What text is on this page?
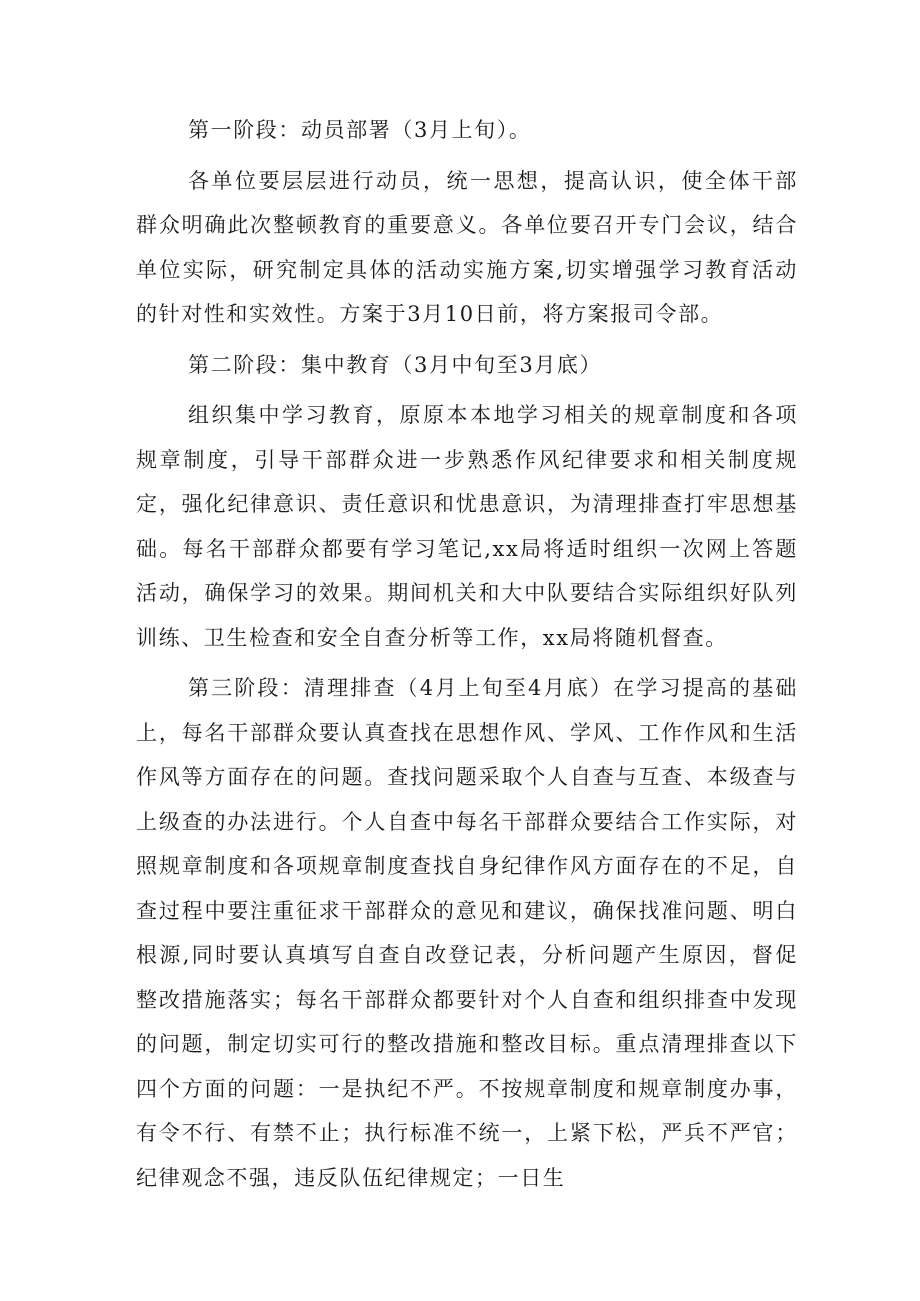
第一阶段：动员部署（3月上旬）。

各单位要层层进行动员，统一思想，提高认识，使全体干部群众明确此次整顿教育的重要意义。各单位要召开专门会议，结合单位实际，研究制定具体的活动实施方案,切实增强学习教育活动的针对性和实效性。方案于3月10日前，将方案报司令部。

第二阶段：集中教育（3月中旬至3月底）

组织集中学习教育，原原本本地学习相关的规章制度和各项规章制度，引导干部群众进一步熟悉作风纪律要求和相关制度规定，强化纪律意识、责任意识和忧患意识，为清理排查打牢思想基础。每名干部群众都要有学习笔记,xx局将适时组织一次网上答题活动，确保学习的效果。期间机关和大中队要结合实际组织好队列训练、卫生检查和安全自查分析等工作，xx局将随机督查。

第三阶段：清理排查（4月上旬至4月底）在学习提高的基础上，每名干部群众要认真查找在思想作风、学风、工作作风和生活作风等方面存在的问题。查找问题采取个人自查与互查、本级查与上级查的办法进行。个人自查中每名干部群众要结合工作实际，对照规章制度和各项规章制度查找自身纪律作风方面存在的不足，自查过程中要注重征求干部群众的意见和建议，确保找准问题、明白根源,同时要认真填写自查自改登记表，分析问题产生原因，督促整改措施落实；每名干部群众都要针对个人自查和组织排查中发现的问题，制定切实可行的整改措施和整改目标。重点清理排查以下四个方面的问题：一是执纪不严。不按规章制度和规章制度办事，有令不行、有禁不止；执行标准不统一，上紧下松，严兵不严官；纪律观念不强，违反队伍纪律规定；一日生
